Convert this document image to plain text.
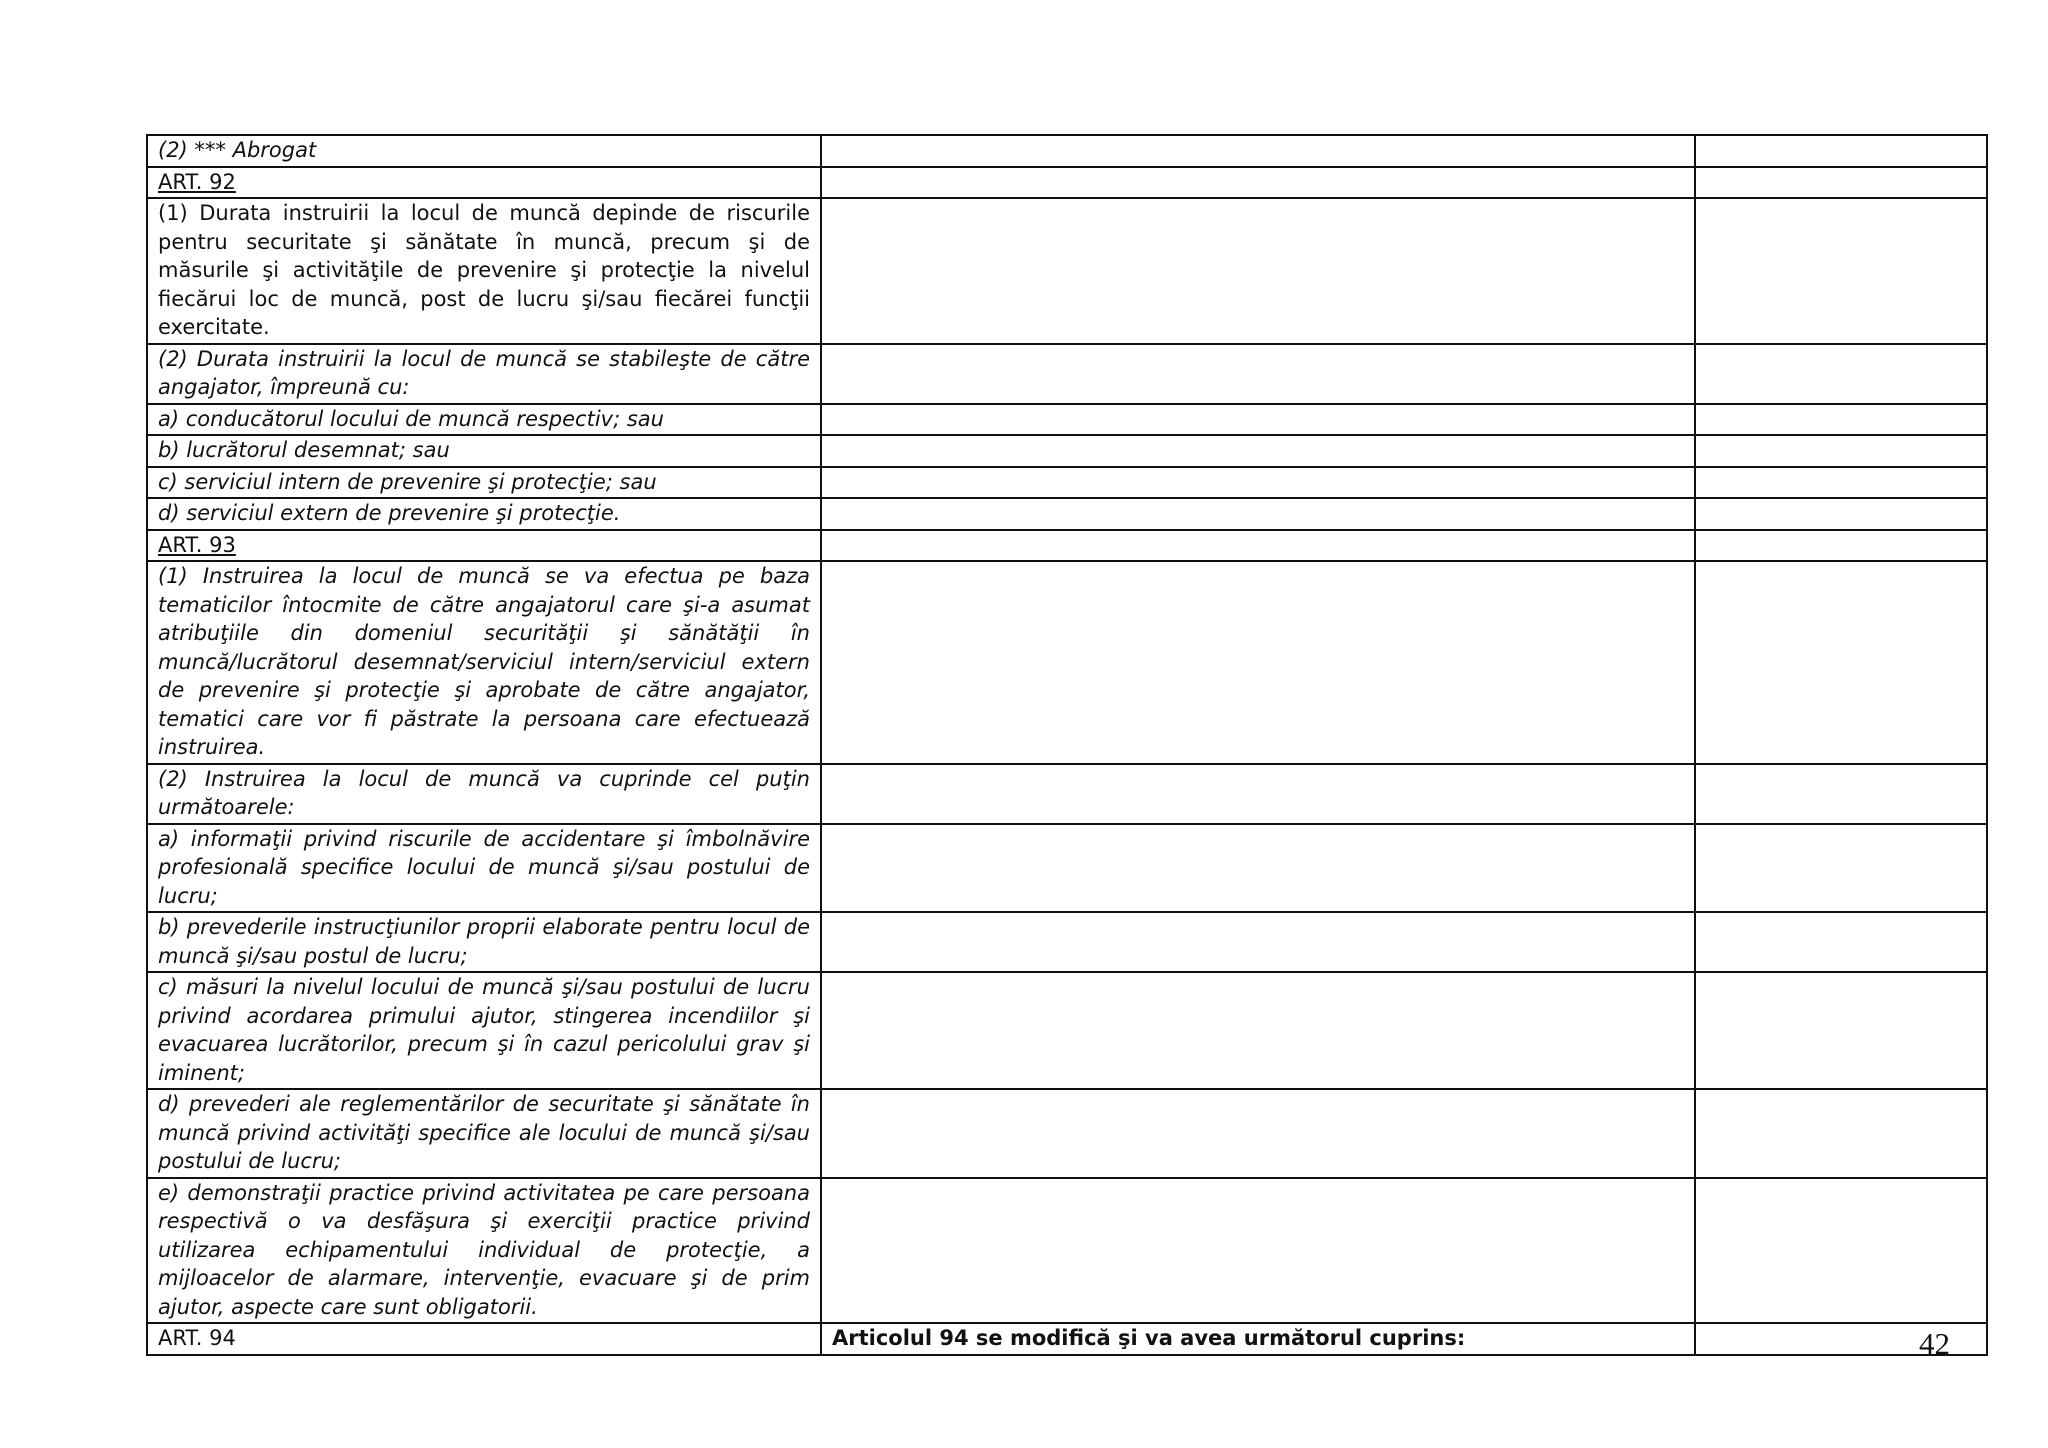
(2) *** Abrogat		
ART. 92		
(1) Durata instruirii la locul de muncă depinde de riscurile pentru securitate şi sănătate în muncă, precum şi de măsurile şi activităţile de prevenire şi protecţie la nivelul fiecărui loc de muncă, post de lucru şi/sau fiecărei funcţii exercitate.		
(2) Durata instruirii la locul de muncă se stabileşte de către angajator, împreună cu:		
a) conducătorul locului de muncă respectiv; sau		
b) lucrătorul desemnat; sau		
c) serviciul intern de prevenire şi protecţie; sau		
d) serviciul extern de prevenire şi protecţie.		
ART. 93		
(1) Instruirea la locul de muncă se va efectua pe baza tematicilor întocmite de către angajatorul care şi-a asumat atribuţiile din domeniul securităţii şi sănătăţii în muncă/lucrătorul desemnat/serviciul intern/serviciul extern de prevenire şi protecţie şi aprobate de către angajator, tematici care vor fi păstrate la persoana care efectuează instruirea.		
(2) Instruirea la locul de muncă va cuprinde cel puţin următoarele:		
a) informaţii privind riscurile de accidentare şi îmbolnăvire profesională specifice locului de muncă şi/sau postului de lucru;		
b) prevederile instrucţiunilor proprii elaborate pentru locul de muncă şi/sau postul de lucru;		
c) măsuri la nivelul locului de muncă şi/sau postului de lucru privind acordarea primului ajutor, stingerea incendiilor şi evacuarea lucrătorilor, precum şi în cazul pericolului grav şi iminent;		
d) prevederi ale reglementărilor de securitate şi sănătate în muncă privind activităţi specifice ale locului de muncă şi/sau postului de lucru;		
e) demonstraţii practice privind activitatea pe care persoana respectivă o va desfăşura şi exerciţii practice privind utilizarea echipamentului individual de protecţie, a mijloacelor de alarmare, intervenţie, evacuare şi de prim ajutor, aspecte care sunt obligatorii.		
ART. 94	Articolul 94 se modifică şi va avea următorul cuprins:		42
